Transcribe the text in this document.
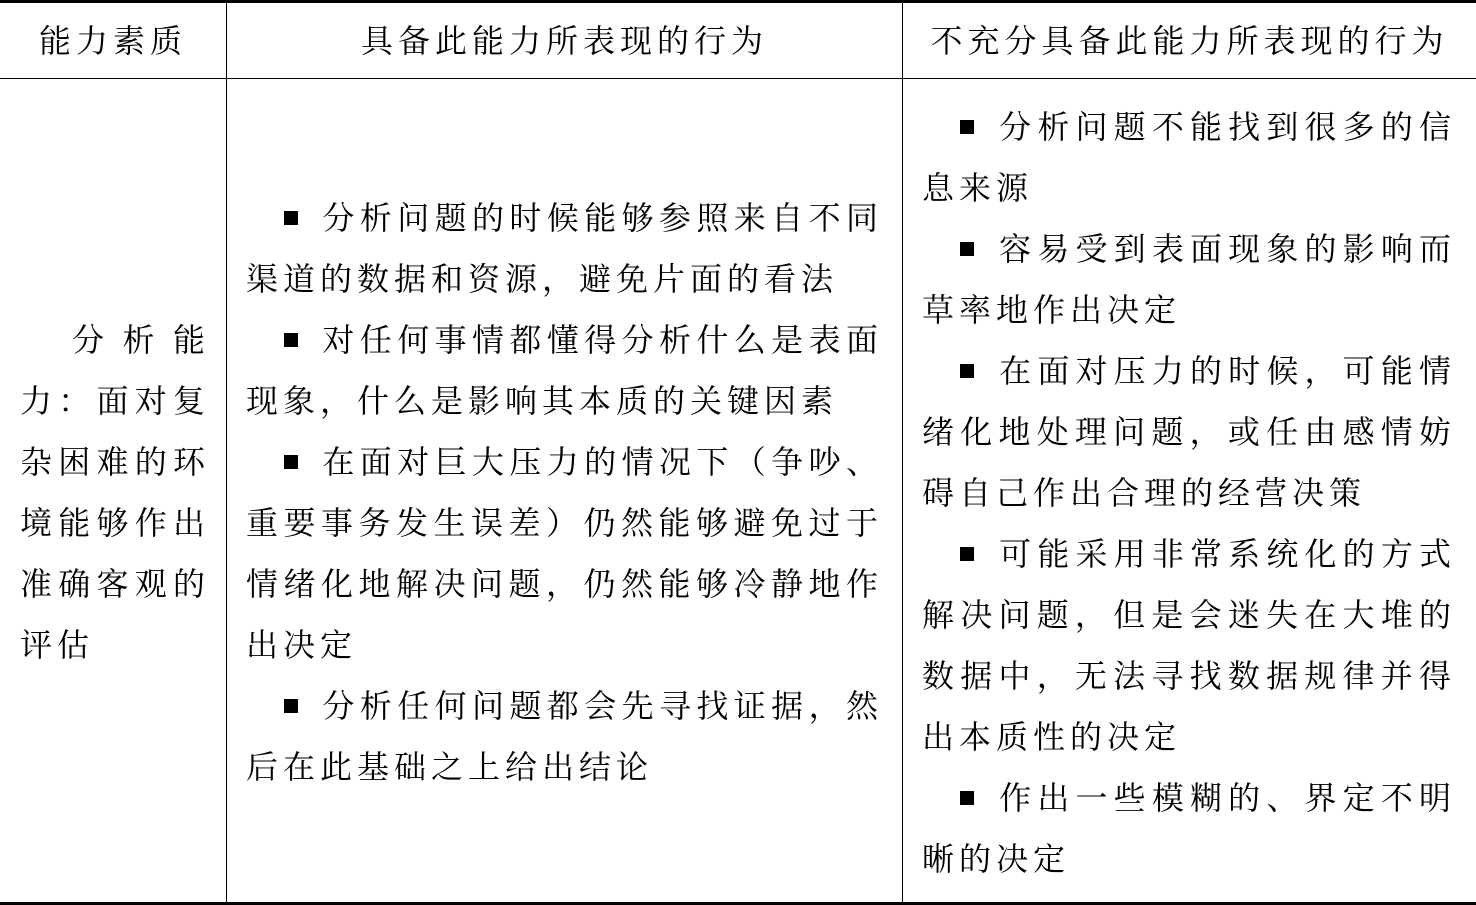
能力素质	具备此能力所表现的行为	不充分具备此能力所表现的行为
分析能力：面对复杂困难的环境能够作出准确客观的评估

分析问题的时候能够参照来自不同渠道的数据和资源，避免片面的看法

对任何事情都懂得分析什么是表面现象，什么是影响其本质的关键因素

在面对巨大压力的情况下（争吵、重要事务发生误差）仍然能够避免过于情绪化地解决问题，仍然能够冷静地作出决定

分析任何问题都会先寻找证据，然后在此基础之上给出结论

分析问题不能找到很多的信息来源

容易受到表面现象的影响而草率地作出决定

在面对压力的时候，可能情绪化地处理问题，或任由感情妨碍自己作出合理的经营决策

可能采用非常系统化的方式解决问题，但是会迷失在大堆的数据中，无法寻找数据规律并得出本质性的决定

作出一些模糊的、界定不明晰的决定
